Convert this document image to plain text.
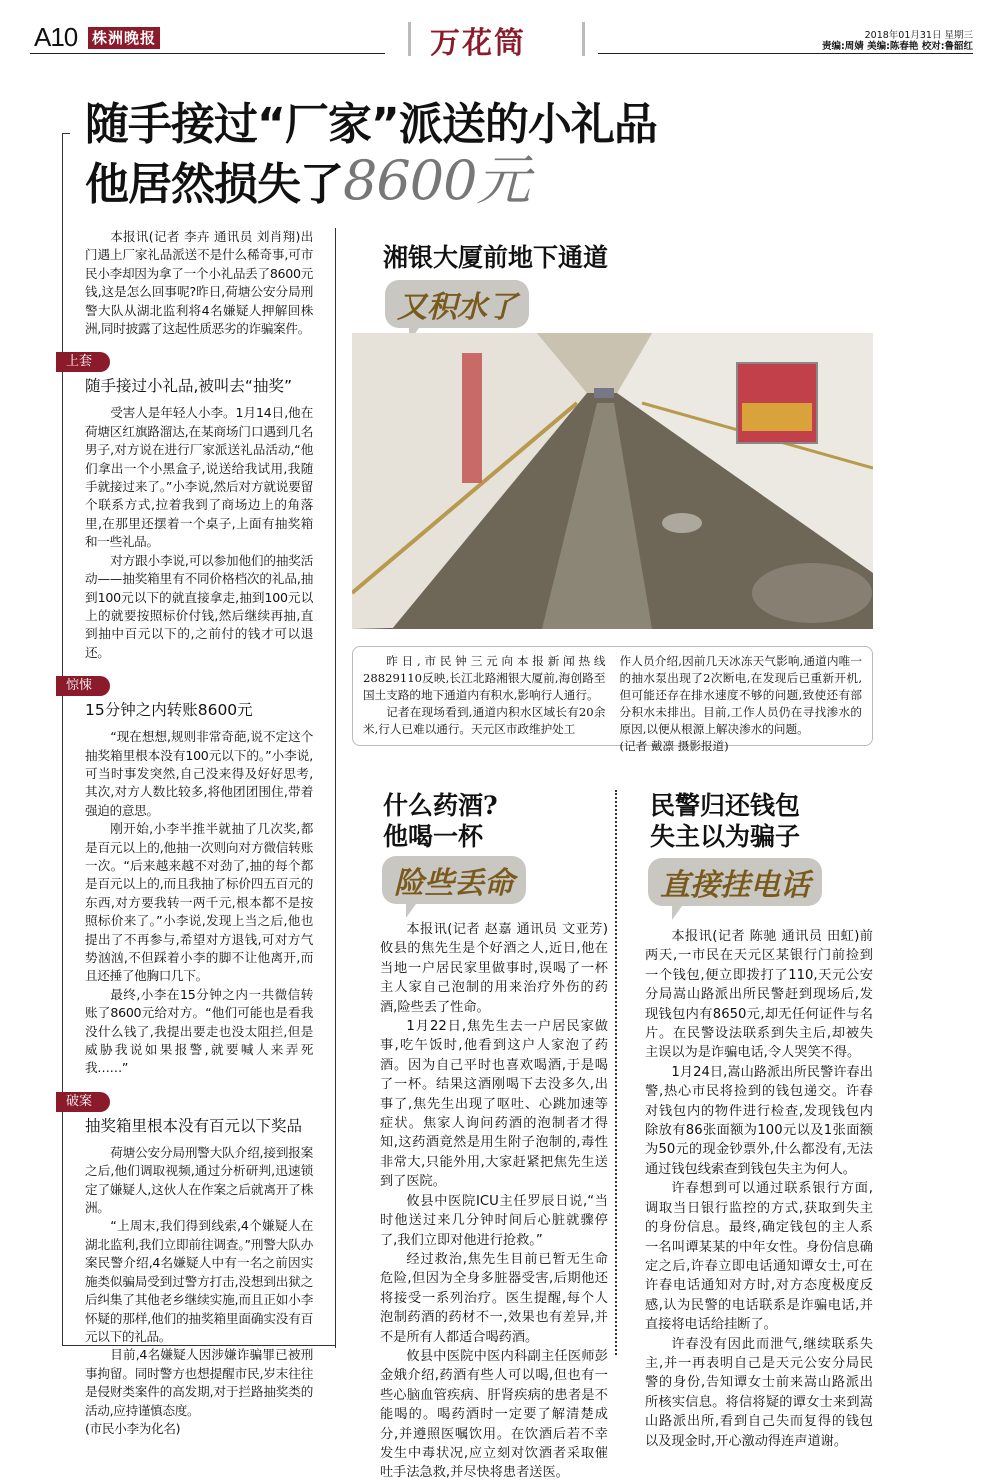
A10 株洲晚报	万花筒	2018年01月31日 星期三
责编:周婧 美编:陈春艳 校对:鲁韶红
随手接过“厂家”派送的小礼品
他居然损失了8600元

本报讯(记者 李卉 通讯员 刘肖翔)出门遇上厂家礼品派送不是什么稀奇事,可市民小李却因为拿了一个小礼品丢了8600元钱,这是怎么回事呢?昨日,荷塘公安分局刑警大队从湖北监利将4名嫌疑人押解回株洲,同时披露了这起性质恶劣的诈骗案件。

上套
随手接过小礼品,被叫去“抽奖”

受害人是年轻人小李。1月14日,他在荷塘区红旗路溜达,在某商场门口遇到几名男子,对方说在进行厂家派送礼品活动,“他们拿出一个小黑盒子,说送给我试用,我随手就接过来了。”小李说,然后对方就说要留个联系方式,拉着我到了商场边上的角落里,在那里还摆着一个桌子,上面有抽奖箱和一些礼品。

对方跟小李说,可以参加他们的抽奖活动——抽奖箱里有不同价格档次的礼品,抽到100元以下的就直接拿走,抽到100元以上的就要按照标价付钱,然后继续再抽,直到抽中百元以下的,之前付的钱才可以退还。

惊悚
15分钟之内转账8600元

“现在想想,规则非常奇葩,说不定这个抽奖箱里根本没有100元以下的。”小李说,可当时事发突然,自己没来得及好好思考,其次,对方人数比较多,将他团团围住,带着强迫的意思。

刚开始,小李半推半就抽了几次奖,都是百元以上的,他抽一次则向对方微信转账一次。“后来越来越不对劲了,抽的每个都是百元以上的,而且我抽了标价四五百元的东西,对方要我转一两千元,根本都不是按照标价来了。”小李说,发现上当之后,他也提出了不再参与,希望对方退钱,可对方气势汹汹,不但踩着小李的脚不让他离开,而且还捶了他胸口几下。

最终,小李在15分钟之内一共微信转账了8600元给对方。“他们可能也是看我没什么钱了,我提出要走也没太阻拦,但是威胁我说如果报警,就要喊人来弄死我……”

破案
抽奖箱里根本没有百元以下奖品

荷塘公安分局刑警大队介绍,接到报案之后,他们调取视频,通过分析研判,迅速锁定了嫌疑人,这伙人在作案之后就离开了株洲。

“上周末,我们得到线索,4个嫌疑人在湖北监利,我们立即前往调查。”刑警大队办案民警介绍,4名嫌疑人中有一名之前因实施类似骗局受到过警方打击,没想到出狱之后纠集了其他老乡继续实施,而且正如小李怀疑的那样,他们的抽奖箱里面确实没有百元以下的礼品。

目前,4名嫌疑人因涉嫌诈骗罪已被刑事拘留。同时警方也想提醒市民,岁末往往是侵财类案件的高发期,对于拦路抽奖类的活动,应持谨慎态度。

(市民小李为化名)

湘银大厦前地下通道
又积水了

昨日,市民钟三元向本报新闻热线28829110反映,长江北路湘银大厦前,海创路至国土支路的地下通道内有积水,影响行人通行。

记者在现场看到,通道内积水区域长有20余米,行人已难以通行。天元区市政维护处工

作人员介绍,因前几天冰冻天气影响,通道内唯一的抽水泵出现了2次断电,在发现后已重新开机,但可能还存在排水速度不够的问题,致使还有部分积水未排出。目前,工作人员仍在寻找渗水的原因,以便从根源上解决渗水的问题。

(记者 戴凛 摄影报道)

什么药酒?
他喝一杯
险些丢命

本报讯(记者 赵嘉 通讯员 文亚芳)攸县的焦先生是个好酒之人,近日,他在当地一户居民家里做事时,误喝了一杯主人家自己泡制的用来治疗外伤的药酒,险些丢了性命。

1月22日,焦先生去一户居民家做事,吃午饭时,他看到这户人家泡了药酒。因为自己平时也喜欢喝酒,于是喝了一杯。结果这酒刚喝下去没多久,出事了,焦先生出现了呕吐、心跳加速等症状。焦家人询问药酒的泡制者才得知,这药酒竟然是用生附子泡制的,毒性非常大,只能外用,大家赶紧把焦先生送到了医院。

攸县中医院ICU主任罗辰日说,“当时他送过来几分钟时间后心脏就骤停了,我们立即对他进行抢救。”

经过救治,焦先生目前已暂无生命危险,但因为全身多脏器受害,后期他还将接受一系列治疗。医生提醒,每个人泡制药酒的药材不一,效果也有差异,并不是所有人都适合喝药酒。

攸县中医院中医内科副主任医师彭金娥介绍,药酒有些人可以喝,但也有一些心脑血管疾病、肝肾疾病的患者是不能喝的。喝药酒时一定要了解清楚成分,并遵照医嘱饮用。在饮酒后若不幸发生中毒状况,应立刻对饮酒者采取催吐手法急救,并尽快将患者送医。

民警归还钱包
失主以为骗子
直接挂电话

本报讯(记者 陈驰 通讯员 田虹)前两天,一市民在天元区某银行门前捡到一个钱包,便立即拨打了110,天元公安分局嵩山路派出所民警赶到现场后,发现钱包内有8650元,却无任何证件与名片。在民警设法联系到失主后,却被失主误以为是诈骗电话,令人哭笑不得。

1月24日,嵩山路派出所民警许春出警,热心市民将捡到的钱包递交。许春对钱包内的物件进行检查,发现钱包内除放有86张面额为100元以及1张面额为50元的现金钞票外,什么都没有,无法通过钱包线索查到钱包失主为何人。

许春想到可以通过联系银行方面,调取当日银行监控的方式,获取到失主的身份信息。最终,确定钱包的主人系一名叫谭某某的中年女性。身份信息确定之后,许春立即电话通知谭女士,可在许春电话通知对方时,对方态度极度反感,认为民警的电话联系是诈骗电话,并直接将电话给挂断了。

许春没有因此而泄气,继续联系失主,并一再表明自己是天元公安分局民警的身份,告知谭女士前来嵩山路派出所核实信息。将信将疑的谭女士来到嵩山路派出所,看到自己失而复得的钱包以及现金时,开心激动得连声道谢。
